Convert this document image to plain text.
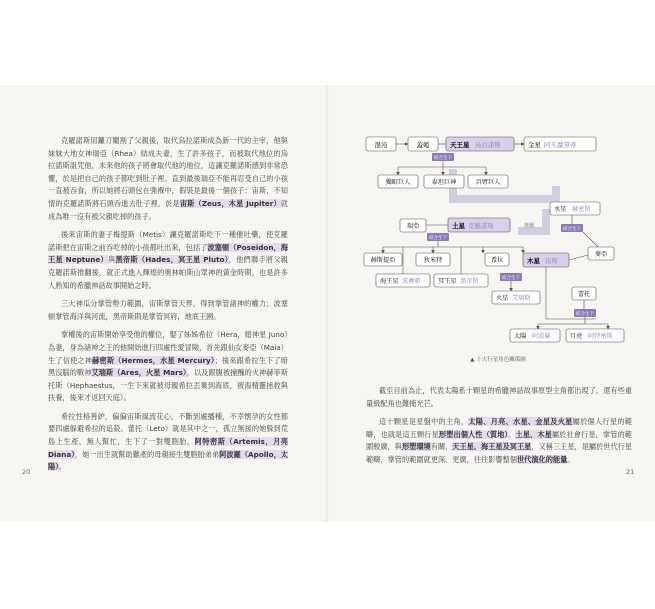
克羅諾斯用鐮刀閹割了父親後，取代烏拉諾斯成為新一代的主宰，他與妹妹大地女神瑞亞（Rhea）結成夫妻，生了許多孩子，而被取代地位的烏拉諾斯詛咒他，未來他的孩子將會取代他的地位，這讓克羅諾斯感到非常恐懼，於是把自己的孩子都吃到肚子裡。直到最後瑞亞不能再忍受自己的小孩一直被吞食，所以她將石頭包在強褓中，假裝是最後一個孩子：宙斯，不知情的克羅諾斯將石頭吞進去肚子裡，於是宙斯（Zeus，木星 Jupiter）就成為唯一沒有被父親吃掉的孩子。

後來宙斯的妻子梅提斯（Metis）讓克羅諾斯吃下一種催吐藥，使克羅諾斯把在宙斯之前吞吃掉的小孩都吐出來，包括了波塞頓（Poseidon，海王星 Neptune）與黑帝斯（Hades，冥王星 Pluto），他們聯手將父親克羅諾斯推翻後，就正式進入輝煌的奧林帕斯山眾神的黃金時期，也是許多人熟知的希臘神話故事開始之時。

三大神瓜分掌管勢力範圍，宙斯掌管天界，得到掌管諸神的權力；波塞頓掌管海洋與河流，黑帝斯則是掌管冥府，地底王國。

掌權後的宙斯開始享受他的權位，娶了姊姊希拉（Hera，婚神星 Juno）為妻，身為諸神之王的他開始進行四處性愛冒險，首先跟仙女麥亞（Maia）生了信使之神赫密斯（Hermes，水星 Mercury）；後來跟希拉生下了暗黑沒腦的戰神艾瑞斯（Ares，火星 Mars），以及跟腹被撞醜的火神赫菲斯托斯（Hephaestus，一生下來就被母親希拉丟棄到海底，被海精靈拯救與扶養，後來才返回天庭）。

希拉性格善妒，偏偏宙斯風流花心，不斷到處播種，不幸懷孕的女性都要四處躲避希拉的追殺。蕾托（Leto）就是其中之一，孤立無援的她躲到荒島上生產，無人幫忙，生下了一對雙胞胎，阿特密斯（Artemis，月亮 Diana），她一出生就幫助難產的母親接生雙胞胎弟弟阿波羅（Apollo，太陽）。

20
推翻
混沌	蓋婭	天王星 烏拉諾斯	金星 阿芙蘿黛蒂
結合生下
獨眼巨人	泰坦巨神	百臂巨人
水星 赫密斯
結合生下
麥亞
瑞亞	土星 克羅諾斯
結合生下
赫斯提亞	狄米特	希拉	木星 宙斯
海王星 波賽頓	冥王星 黑帝斯	結合生下
火星 艾瑞斯
蕾托
結合生下
太陽 阿波羅	月亮 阿特密斯
▲ 十大行星角色關係圖

截至目前為止，代表太陽系十顆星的希臘神話故事原型主角都出現了，還有些重量級配角也難掩光芒。

這十顆星是星盤中的主角，太陽、月亮、水星、金星及火星屬於個人行星的範疇，也就是這五顆行星形塑出個人性（質地）。土星、木星屬於社會行星，掌管的範圍較廣，與形塑環境有關，天王星、海王星及冥王星，又稱三王星，是屬於世代行星範疇，掌管的範圍就更深、更廣，往往影響整個世代演化的能量。

21
